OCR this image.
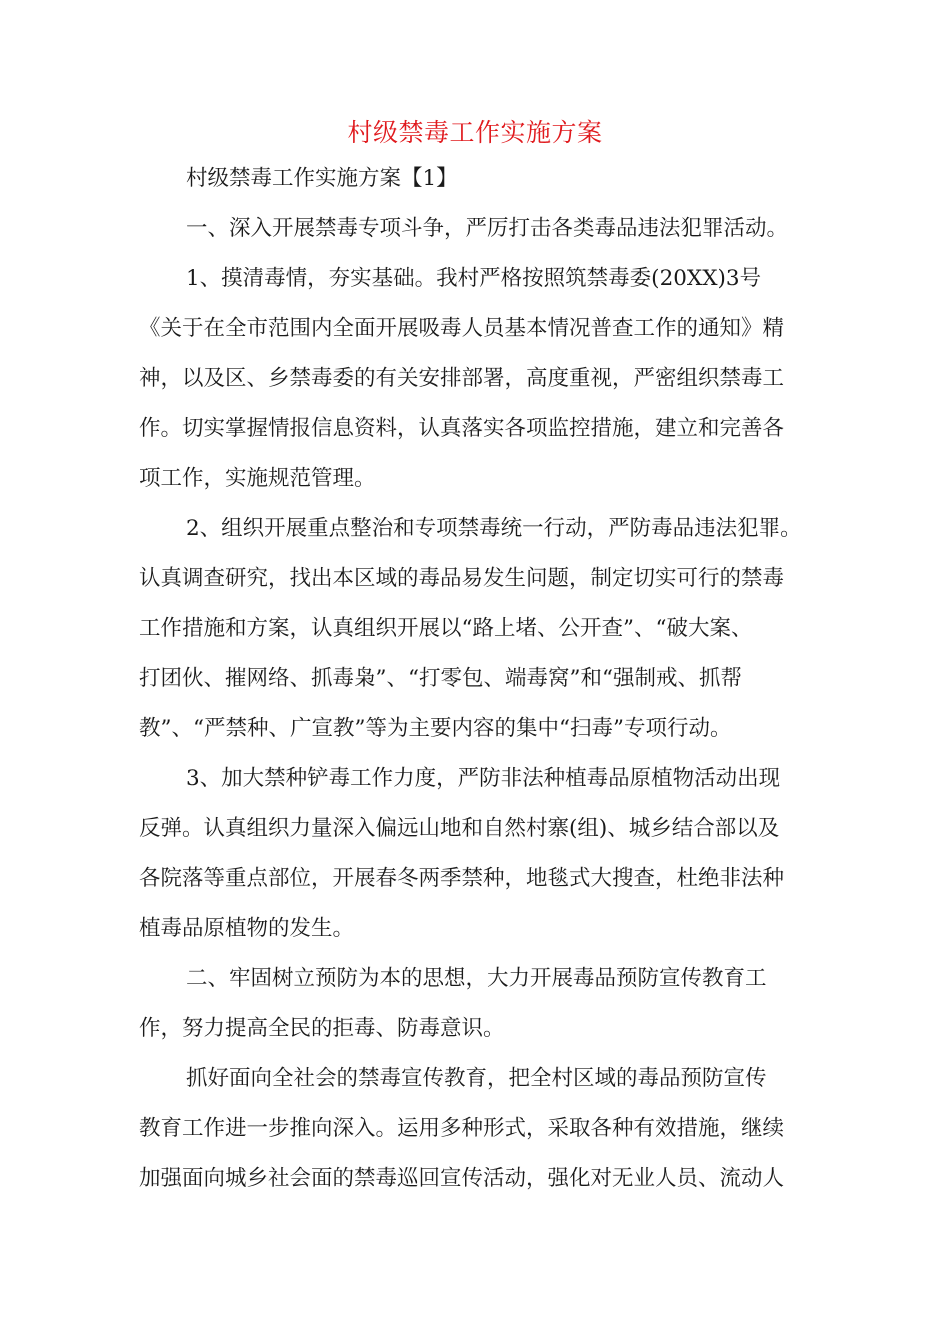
村级禁毒工作实施方案
村级禁毒工作实施方案【1】
一、深入开展禁毒专项斗争，严厉打击各类毒品违法犯罪活动。
1、摸清毒情，夯实基础。我村严格按照筑禁毒委(20XX)3号
《关于在全市范围内全面开展吸毒人员基本情况普查工作的通知》精
神，以及区、乡禁毒委的有关安排部署，高度重视，严密组织禁毒工
作。切实掌握情报信息资料，认真落实各项监控措施，建立和完善各
项工作，实施规范管理。
2、组织开展重点整治和专项禁毒统一行动，严防毒品违法犯罪。
认真调查研究，找出本区域的毒品易发生问题，制定切实可行的禁毒
工作措施和方案，认真组织开展以“路上堵、公开查”、“破大案、
打团伙、摧网络、抓毒枭”、“打零包、端毒窝”和“强制戒、抓帮
教”、“严禁种、广宣教”等为主要内容的集中“扫毒”专项行动。
3、加大禁种铲毒工作力度，严防非法种植毒品原植物活动出现
反弹。认真组织力量深入偏远山地和自然村寨(组)、城乡结合部以及
各院落等重点部位，开展春冬两季禁种，地毯式大搜查，杜绝非法种
植毒品原植物的发生。
二、牢固树立预防为本的思想，大力开展毒品预防宣传教育工
作，努力提高全民的拒毒、防毒意识。
抓好面向全社会的禁毒宣传教育，把全村区域的毒品预防宣传
教育工作进一步推向深入。运用多种形式，采取各种有效措施，继续
加强面向城乡社会面的禁毒巡回宣传活动，强化对无业人员、流动人
